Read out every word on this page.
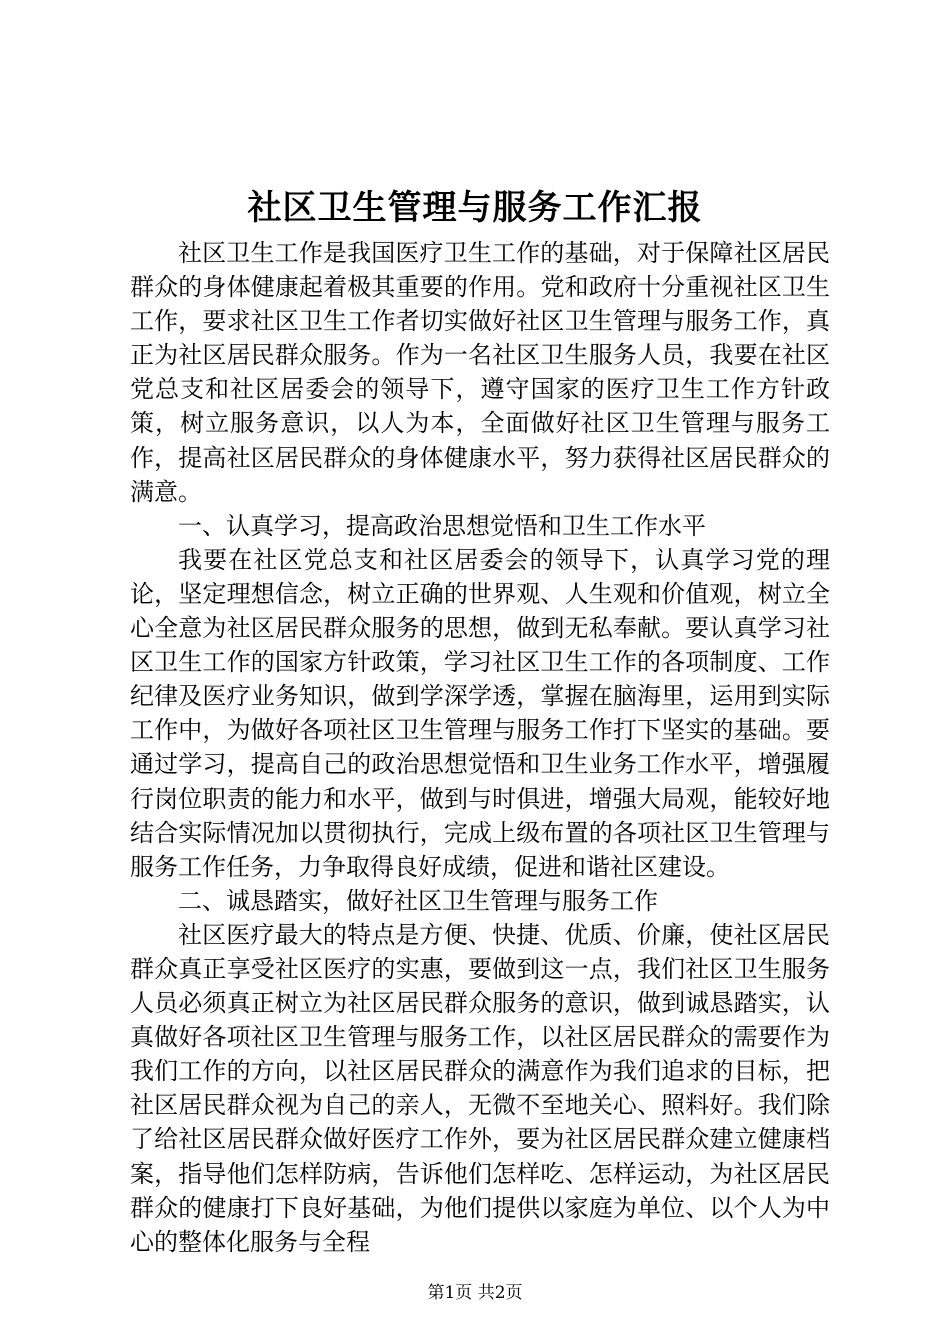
社区卫生管理与服务工作汇报

社区卫生工作是我国医疗卫生工作的基础，对于保障社区居民群众的身体健康起着极其重要的作用。党和政府十分重视社区卫生工作，要求社区卫生工作者切实做好社区卫生管理与服务工作，真正为社区居民群众服务。作为一名社区卫生服务人员，我要在社区党总支和社区居委会的领导下，遵守国家的医疗卫生工作方针政策，树立服务意识，以人为本，全面做好社区卫生管理与服务工作，提高社区居民群众的身体健康水平，努力获得社区居民群众的满意。

一、认真学习，提高政治思想觉悟和卫生工作水平

我要在社区党总支和社区居委会的领导下，认真学习党的理论，坚定理想信念，树立正确的世界观、人生观和价值观，树立全心全意为社区居民群众服务的思想，做到无私奉献。要认真学习社区卫生工作的国家方针政策，学习社区卫生工作的各项制度、工作纪律及医疗业务知识，做到学深学透，掌握在脑海里，运用到实际工作中，为做好各项社区卫生管理与服务工作打下坚实的基础。要通过学习，提高自己的政治思想觉悟和卫生业务工作水平，增强履行岗位职责的能力和水平，做到与时俱进，增强大局观，能较好地结合实际情况加以贯彻执行，完成上级布置的各项社区卫生管理与服务工作任务，力争取得良好成绩，促进和谐社区建设。

二、诚恳踏实，做好社区卫生管理与服务工作

社区医疗最大的特点是方便、快捷、优质、价廉，使社区居民群众真正享受社区医疗的实惠，要做到这一点，我们社区卫生服务人员必须真正树立为社区居民群众服务的意识，做到诚恳踏实，认真做好各项社区卫生管理与服务工作，以社区居民群众的需要作为我们工作的方向，以社区居民群众的满意作为我们追求的目标，把社区居民群众视为自己的亲人，无微不至地关心、照料好。我们除了给社区居民群众做好医疗工作外，要为社区居民群众建立健康档案，指导他们怎样防病，告诉他们怎样吃、怎样运动，为社区居民群众的健康打下良好基础，为他们提供以家庭为单位、以个人为中心的整体化服务与全程

第1页 共2页
